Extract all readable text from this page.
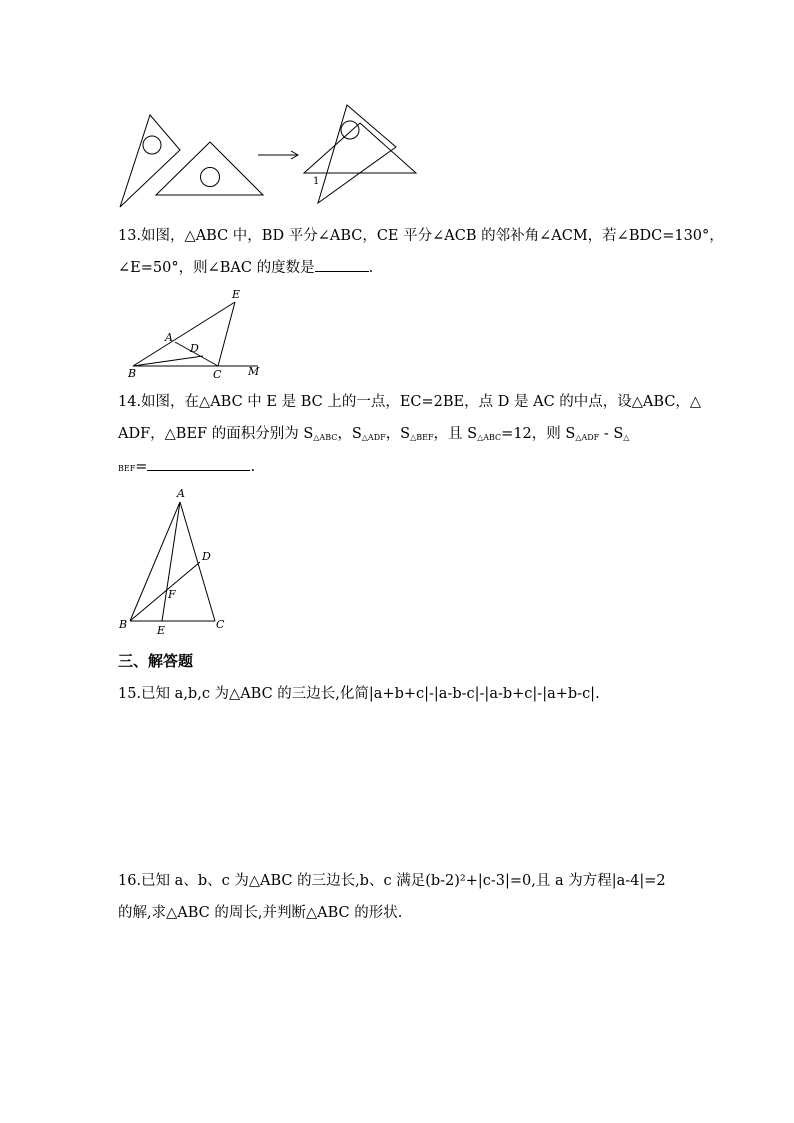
1
13.如图，△ABC 中，BD 平分∠ABC，CE 平分∠ACB 的邻补角∠ACM，若∠BDC=130°，
∠E=50°，则∠BAC 的度数是	.
E
A
D
B	C M
14.如图，在△ABC 中 E 是 BC 上的一点，EC=2BE，点 D 是 AC 的中点，设△ABC，△
ADF，△BEF 的面积分别为 S△ABC，S△ADF，S△BEF，且 S△ABC=12，则 S△ADF - S△
BEF=	.
A
D
F
B	E	C
三、解答题
15.已知 a,b,c 为△ABC 的三边长,化简|a+b+c|-|a-b-c|-|a-b+c|-|a+b-c|.
16.已知 a、b、c 为△ABC 的三边长,b、c 满足(b-2)²+|c-3|=0,且 a 为方程|a-4|=2
的解,求△ABC 的周长,并判断△ABC 的形状.
